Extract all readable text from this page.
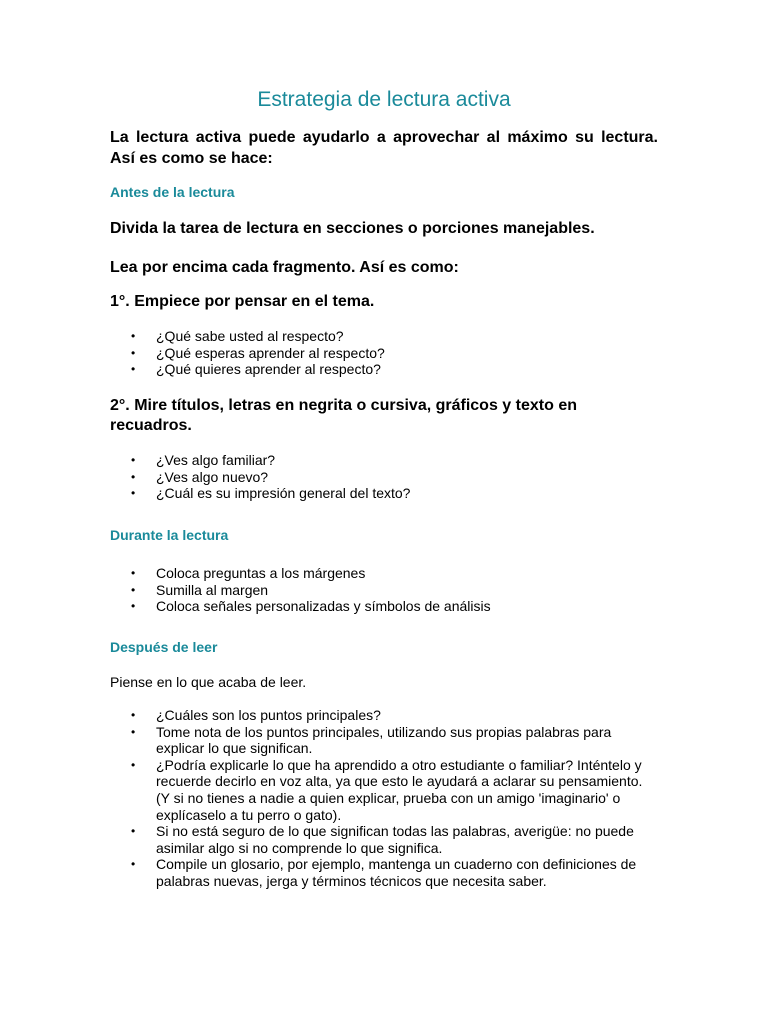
Estrategia de lectura activa

La lectura activa puede ayudarlo a aprovechar al máximo su lectura. Así es como se hace:

Antes de la lectura

Divida la tarea de lectura en secciones o porciones manejables.

Lea por encima cada fragmento. Así es como:

1°. Empiece por pensar en el tema.

• ¿Qué sabe usted al respecto?
• ¿Qué esperas aprender al respecto?
• ¿Qué quieres aprender al respecto?

2°. Mire títulos, letras en negrita o cursiva, gráficos y texto en recuadros.

• ¿Ves algo familiar?
• ¿Ves algo nuevo?
• ¿Cuál es su impresión general del texto?
Durante la lectura
• Coloca preguntas a los márgenes
• Sumilla al margen
• Coloca señales personalizadas y símbolos de análisis
Después de leer

Piense en lo que acaba de leer.

• ¿Cuáles son los puntos principales?
• Tome nota de los puntos principales, utilizando sus propias palabras para explicar lo que significan.
• ¿Podría explicarle lo que ha aprendido a otro estudiante o familiar? Inténtelo y recuerde decirlo en voz alta, ya que esto le ayudará a aclarar su pensamiento. (Y si no tienes a nadie a quien explicar, prueba con un amigo 'imaginario' o explícaselo a tu perro o gato).
• Si no está seguro de lo que significan todas las palabras, averigüe: no puede asimilar algo si no comprende lo que significa.
• Compile un glosario, por ejemplo, mantenga un cuaderno con definiciones de palabras nuevas, jerga y términos técnicos que necesita saber.
